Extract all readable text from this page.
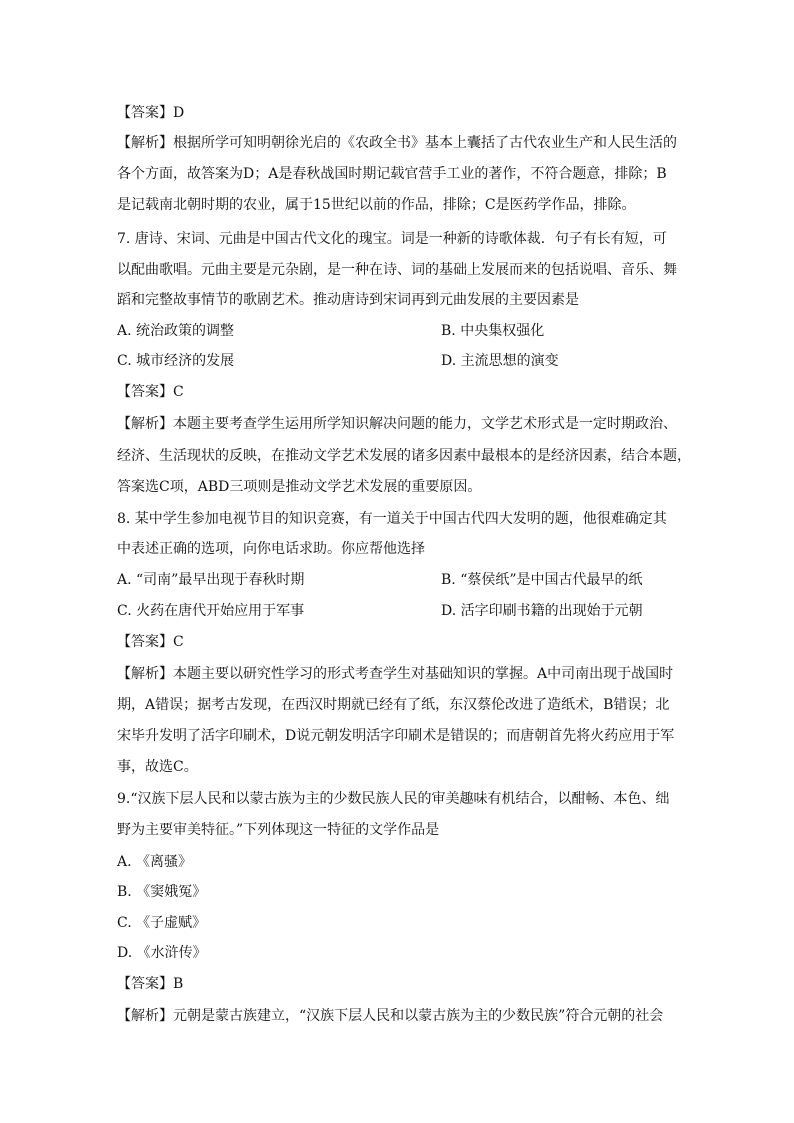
【答案】D
【解析】根据所学可知明朝徐光启的《农政全书》基本上囊括了古代农业生产和人民生活的
各个方面，故答案为D；A是春秋战国时期记载官营手工业的著作，不符合题意，排除；B
是记载南北朝时期的农业，属于15世纪以前的作品，排除；C是医药学作品，排除。
7. 唐诗、宋词、元曲是中国古代文化的瑰宝。词是一种新的诗歌体裁．句子有长有短，可
以配曲歌唱。元曲主要是元杂剧，是一种在诗、词的基础上发展而来的包括说唱、音乐、舞
蹈和完整故事情节的歌剧艺术。推动唐诗到宋词再到元曲发展的主要因素是
A. 统治政策的调整	B. 中央集权强化
C. 城市经济的发展	D. 主流思想的演变
【答案】C
【解析】本题主要考查学生运用所学知识解决问题的能力，文学艺术形式是一定时期政治、
经济、生活现状的反映，在推动文学艺术发展的诸多因素中最根本的是经济因素，结合本题，
答案选C项，ABD三项则是推动文学艺术发展的重要原因。
8. 某中学生参加电视节目的知识竞赛，有一道关于中国古代四大发明的题，他很难确定其
中表述正确的选项，向你电话求助。你应帮他选择
A. “司南”最早出现于春秋时期	B. “蔡侯纸”是中国古代最早的纸
C. 火药在唐代开始应用于军事	D. 活字印刷书籍的出现始于元朝
【答案】C
【解析】本题主要以研究性学习的形式考查学生对基础知识的掌握。A中司南出现于战国时
期，A错误；据考古发现，在西汉时期就已经有了纸，东汉蔡伦改进了造纸术，B错误；北
宋毕升发明了活字印刷术，D说元朝发明活字印刷术是错误的；而唐朝首先将火药应用于军
事，故选C。
9.“汉族下层人民和以蒙古族为主的少数民族人民的审美趣味有机结合，以酣畅、本色、绌
野为主要审美特征。”下列体现这一特征的文学作品是
A. 《离骚》
B. 《窦娥冤》
C. 《子虚赋》
D. 《水浒传》
【答案】B
【解析】元朝是蒙古族建立，“汉族下层人民和以蒙古族为主的少数民族”符合元朝的社会
